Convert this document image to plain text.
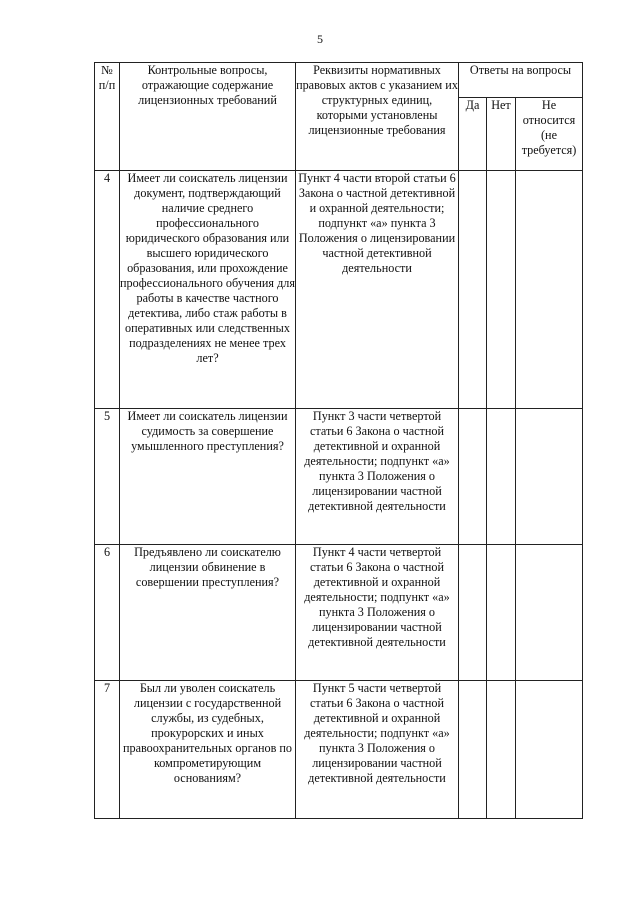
5
№ п/п	Контрольные вопросы, отражающие содержание лицензионных требований	Реквизиты нормативных правовых актов с указанием их структурных единиц, которыми установлены лицензионные требования	Ответы на вопросы		
			Да	Нет	Не относится (не требуется)
4	Имеет ли соискатель лицензии документ, подтверждающий наличие среднего профессионального юридического образования или высшего юридического образования, или прохождение профессионального обучения для работы в качестве частного детектива, либо стаж работы в оперативных или следственных подразделениях не менее трех лет?	Пункт 4 части второй статьи 6 Закона о частной детективной и охранной деятельности; подпункт «а» пункта 3 Положения о лицензировании частной детективной деятельности			
5	Имеет ли соискатель лицензии судимость за совершение умышленного преступления?	Пункт 3 части четвертой статьи 6 Закона о частной детективной и охранной деятельности; подпункт «а» пункта 3 Положения о лицензировании частной детективной деятельности			
6	Предъявлено ли соискателю лицензии обвинение в совершении преступления?	Пункт 4 части четвертой статьи 6 Закона о частной детективной и охранной деятельности; подпункт «а» пункта 3 Положения о лицензировании частной детективной деятельности			
7	Был ли уволен соискатель лицензии с государственной службы, из судебных, прокурорских и иных правоохранительных органов по компрометирующим основаниям?	Пункт 5 части четвертой статьи 6 Закона о частной детективной и охранной деятельности; подпункт «а» пункта 3 Положения о лицензировании частной детективной деятельности			
